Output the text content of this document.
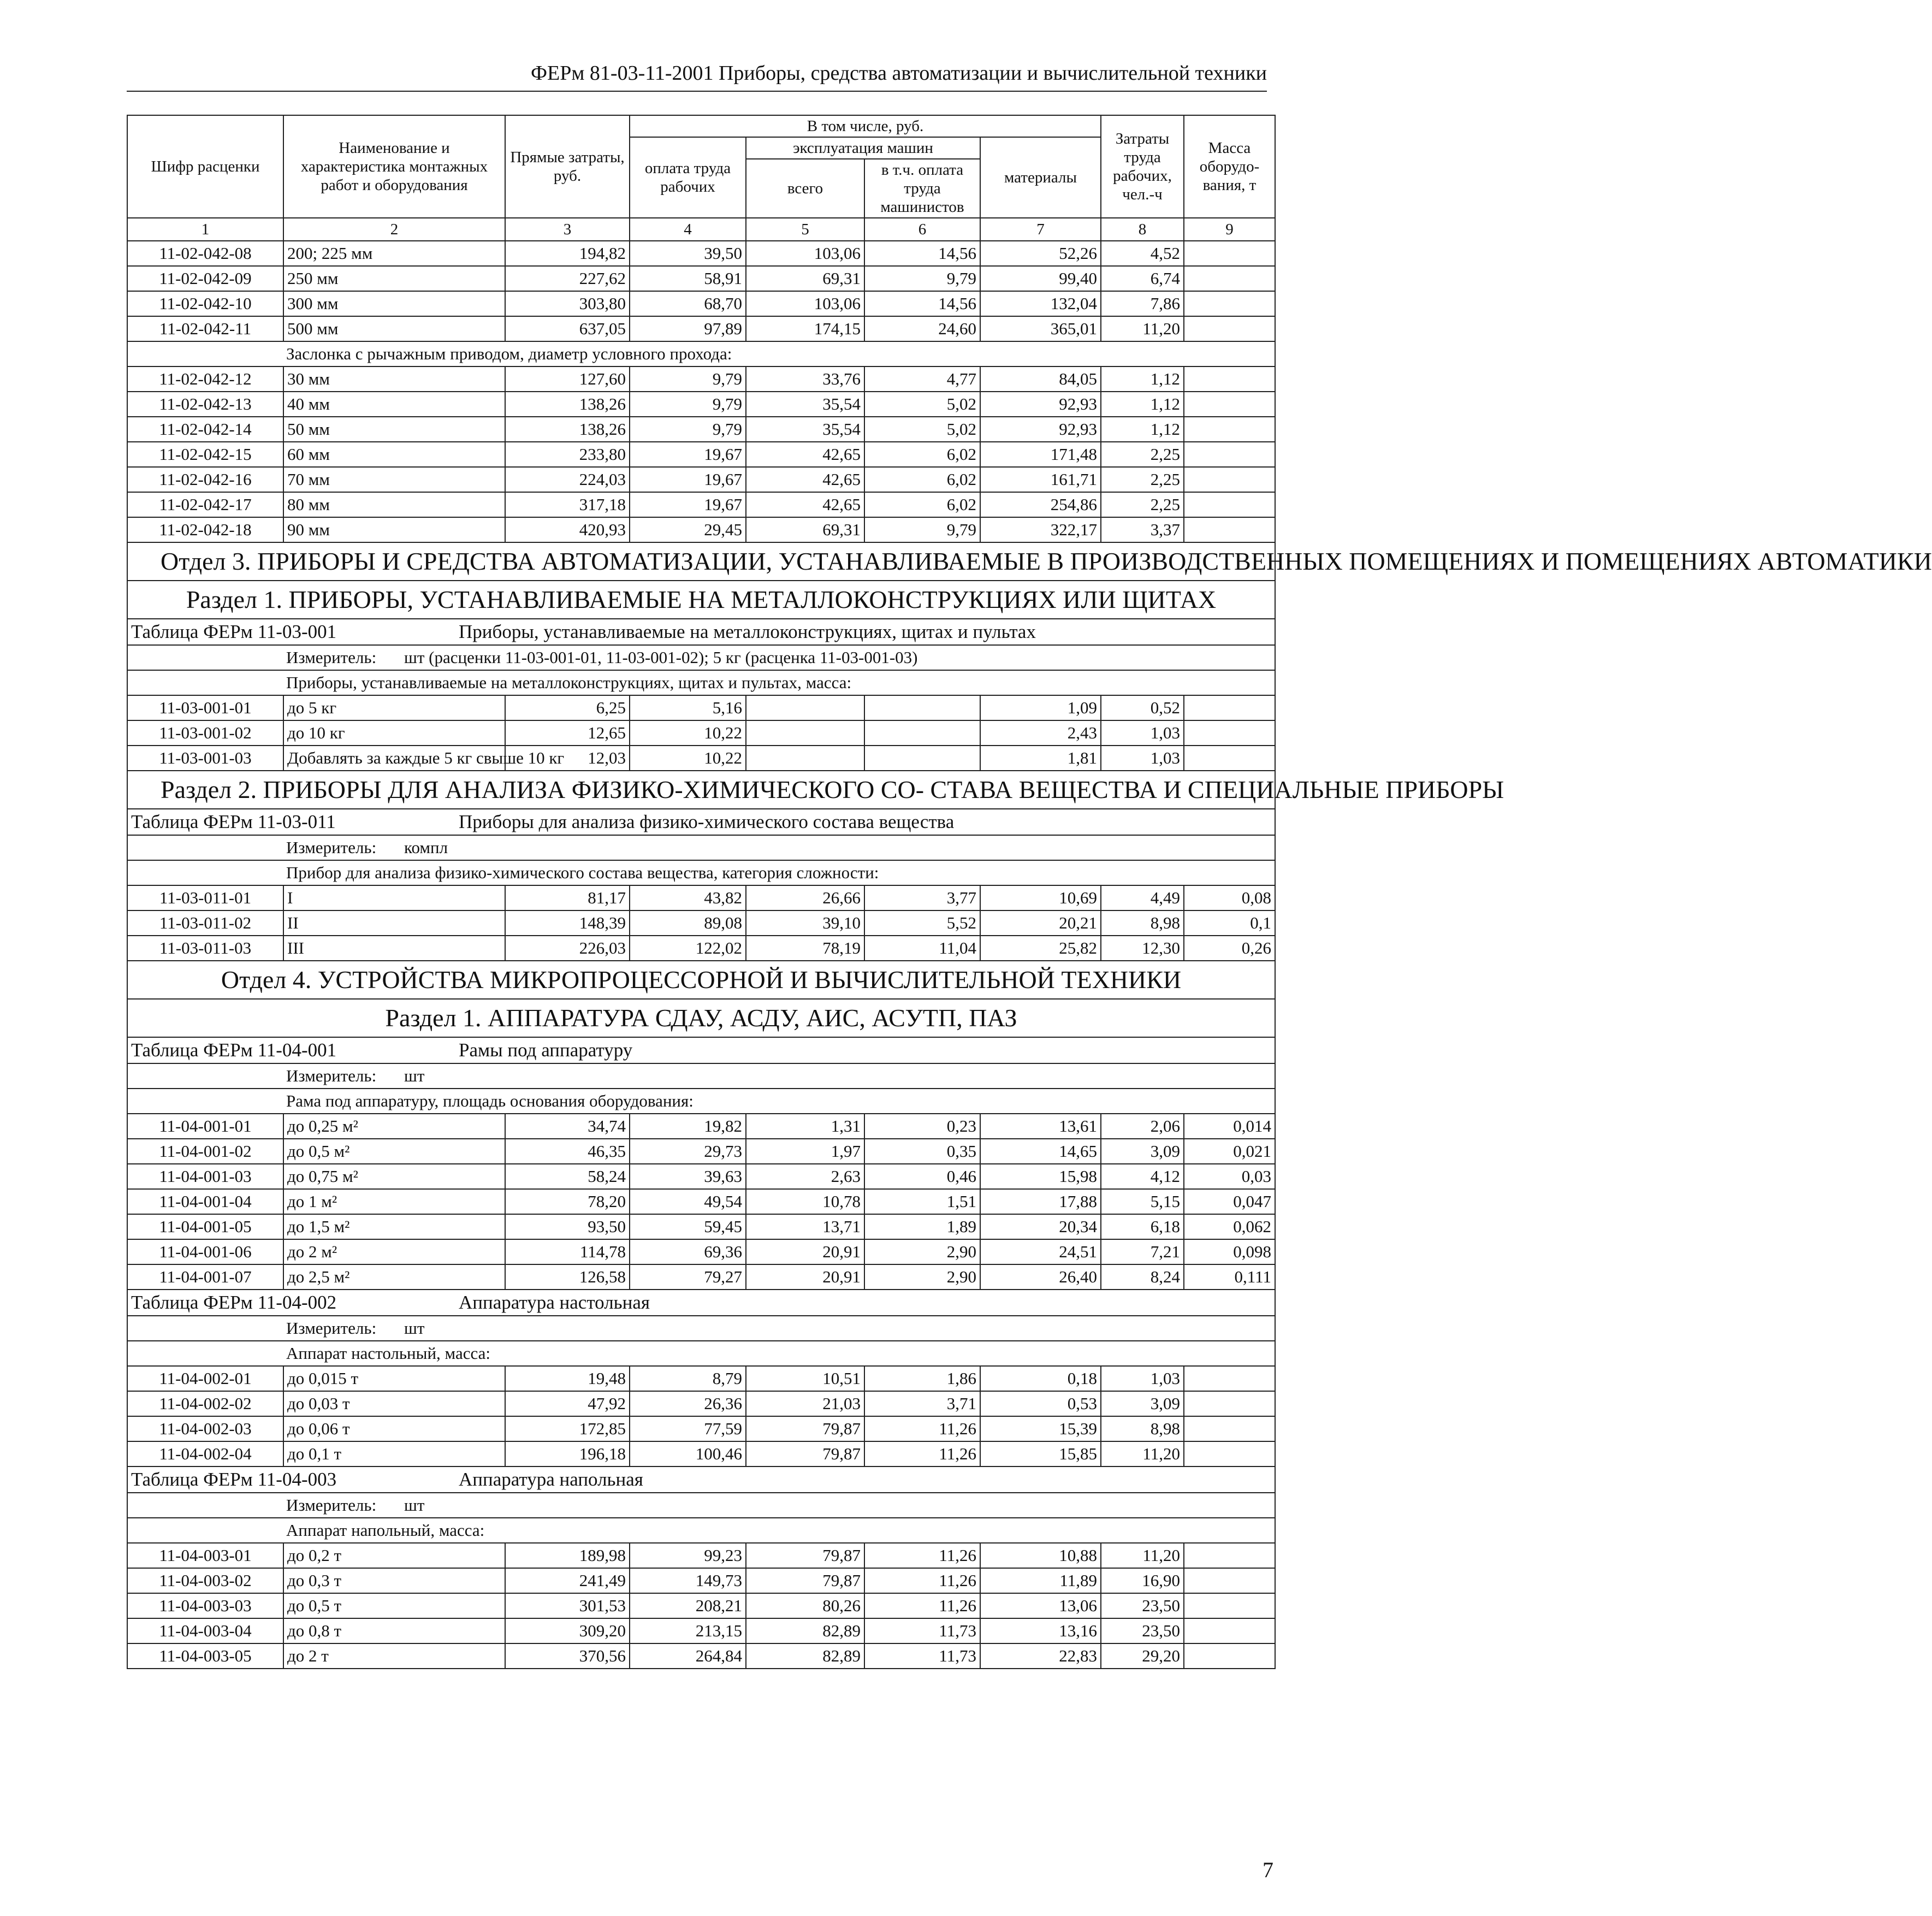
ФЕРм 81-03-11-2001 Приборы, средства автоматизации и вычислительной техники
Шифр расценки	Наименование и характеристика монтажных работ и оборудования	Прямые затраты, руб.	В том числе, руб.				Затраты труда рабочих, чел.-ч	Масса оборудо- вания, т
			оплата труда рабочих	эксплуатация машин		материалы		
				всего	в т.ч. оплата труда машинистов			
1	2	3	4	5	6	7	8	9
11-02-042-08	200; 225 мм	194,82	39,50	103,06	14,56	52,26	4,52	
11-02-042-09	250 мм	227,62	58,91	69,31	9,79	99,40	6,74	
11-02-042-10	300 мм	303,80	68,70	103,06	14,56	132,04	7,86	
11-02-042-11	500 мм	637,05	97,89	174,15	24,60	365,01	11,20	
Заслонка с рычажным приводом, диаметр условного прохода:								
11-02-042-12	30 мм	127,60	9,79	33,76	4,77	84,05	1,12	
11-02-042-13	40 мм	138,26	9,79	35,54	5,02	92,93	1,12	
11-02-042-14	50 мм	138,26	9,79	35,54	5,02	92,93	1,12	
11-02-042-15	60 мм	233,80	19,67	42,65	6,02	171,48	2,25	
11-02-042-16	70 мм	224,03	19,67	42,65	6,02	161,71	2,25	
11-02-042-17	80 мм	317,18	19,67	42,65	6,02	254,86	2,25	
11-02-042-18	90 мм	420,93	29,45	69,31	9,79	322,17	3,37	
Отдел 3. ПРИБОРЫ И СРЕДСТВА АВТОМАТИЗАЦИИ, УСТАНАВЛИВАЕМЫЕ В ПРОИЗВОДСТВЕННЫХ ПОМЕЩЕНИЯХ И ПОМЕЩЕНИЯХ АВТОМАТИКИ								
Раздел 1. ПРИБОРЫ, УСТАНАВЛИВАЕМЫЕ НА МЕТАЛЛОКОНСТРУКЦИЯХ ИЛИ ЩИТАХ								
Таблица ФЕРм 11-03-001 Приборы, устанавливаемые на металлоконструкциях, щитах и пультах								
Измеритель: шт (расценки 11-03-001-01, 11-03-001-02); 5 кг (расценка 11-03-001-03)								
Приборы, устанавливаемые на металлоконструкциях, щитах и пультах, масса:								
11-03-001-01	до 5 кг	6,25	5,16			1,09	0,52	
11-03-001-02	до 10 кг	12,65	10,22			2,43	1,03	
11-03-001-03	Добавлять за каждые 5 кг свыше 10 кг	12,03	10,22			1,81	1,03	
Раздел 2. ПРИБОРЫ ДЛЯ АНАЛИЗА ФИЗИКО-ХИМИЧЕСКОГО СО- СТАВА ВЕЩЕСТВА И СПЕЦИАЛЬНЫЕ ПРИБОРЫ								
Таблица ФЕРм 11-03-011 Приборы для анализа физико-химического состава вещества								
Измеритель: компл								
Прибор для анализа физико-химического состава вещества, категория сложности:								
11-03-011-01	I	81,17	43,82	26,66	3,77	10,69	4,49	0,08
11-03-011-02	II	148,39	89,08	39,10	5,52	20,21	8,98	0,1
11-03-011-03	III	226,03	122,02	78,19	11,04	25,82	12,30	0,26
Отдел 4. УСТРОЙСТВА МИКРОПРОЦЕССОРНОЙ И ВЫЧИСЛИТЕЛЬНОЙ ТЕХНИКИ								
Раздел 1. АППАРАТУРА СДАУ, АСДУ, АИС, АСУТП, ПАЗ								
Таблица ФЕРм 11-04-001 Рамы под аппаратуру								
Измеритель: шт								
Рама под аппаратуру, площадь основания оборудования:								
11-04-001-01	до 0,25 м²	34,74	19,82	1,31	0,23	13,61	2,06	0,014
11-04-001-02	до 0,5 м²	46,35	29,73	1,97	0,35	14,65	3,09	0,021
11-04-001-03	до 0,75 м²	58,24	39,63	2,63	0,46	15,98	4,12	0,03
11-04-001-04	до 1 м²	78,20	49,54	10,78	1,51	17,88	5,15	0,047
11-04-001-05	до 1,5 м²	93,50	59,45	13,71	1,89	20,34	6,18	0,062
11-04-001-06	до 2 м²	114,78	69,36	20,91	2,90	24,51	7,21	0,098
11-04-001-07	до 2,5 м²	126,58	79,27	20,91	2,90	26,40	8,24	0,111
Таблица ФЕРм 11-04-002 Аппаратура настольная								
Измеритель: шт								
Аппарат настольный, масса:								
11-04-002-01	до 0,015 т	19,48	8,79	10,51	1,86	0,18	1,03	
11-04-002-02	до 0,03 т	47,92	26,36	21,03	3,71	0,53	3,09	
11-04-002-03	до 0,06 т	172,85	77,59	79,87	11,26	15,39	8,98	
11-04-002-04	до 0,1 т	196,18	100,46	79,87	11,26	15,85	11,20	
Таблица ФЕРм 11-04-003 Аппаратура напольная								
Измеритель: шт								
Аппарат напольный, масса:								
11-04-003-01	до 0,2 т	189,98	99,23	79,87	11,26	10,88	11,20	
11-04-003-02	до 0,3 т	241,49	149,73	79,87	11,26	11,89	16,90	
11-04-003-03	до 0,5 т	301,53	208,21	80,26	11,26	13,06	23,50	
11-04-003-04	до 0,8 т	309,20	213,15	82,89	11,73	13,16	23,50	
11-04-003-05	до 2 т	370,56	264,84	82,89	11,73	22,83	29,20	
7
